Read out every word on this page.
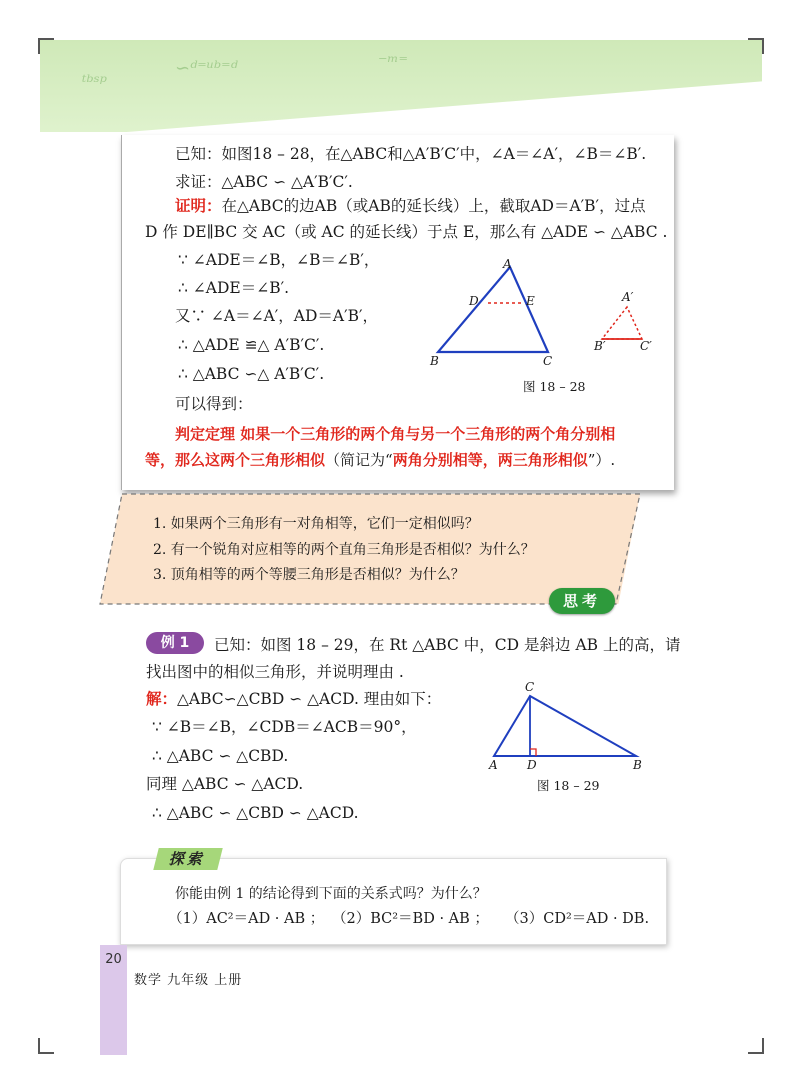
ᵗᵇˢᵖ
∽ᵈ⁼ᵘᵇ⁼ᵈ	⁻ᵐ⁼
已知：如图18 – 28，在△ABC和△A′B′C′中，∠A＝∠A′，∠B＝∠B′.
求证：△ABC ∽ △A′B′C′.
证明：在△ABC的边AB（或AB的延长线）上，截取AD＝A′B′，过点
D 作 DE∥BC 交 AC（或 AC 的延长线）于点 E，那么有 △ADE ∽ △ABC .
∵ ∠ADE＝∠B，∠B＝∠B′，
∴ ∠ADE＝∠B′.
又∵ ∠A＝∠A′，AD＝A′B′，
∴ △ADE ≌△ A′B′C′.
∴ △ABC ∽△ A′B′C′.
可以得到：
判定定理 如果一个三角形的两个角与另一个三角形的两个角分别相
等，那么这两个三角形相似（简记为“两角分别相等，两三角形相似”）.
A
B	C
D	E	A′
B′	C′
图 18 – 28
1. 如果两个三角形有一对角相等，它们一定相似吗？
2. 有一个锐角对应相等的两个直角三角形是否相似？为什么？
3. 顶角相等的两个等腰三角形是否相似？为什么？
思考
例 1	已知：如图 18 – 29，在 Rt △ABC 中，CD 是斜边 AB 上的高，请
找出图中的相似三角形，并说明理由 .
解：△ABC∽△CBD ∽ △ACD. 理由如下：
∵ ∠B＝∠B，∠CDB＝∠ACB＝90°，
∴ △ABC ∽ △CBD.
同理 △ABC ∽ △ACD.
∴ △ABC ∽ △CBD ∽ △ACD.
C
A D	B
图 18 – 29
探索
你能由例 1 的结论得到下面的关系式吗？为什么？
（1）AC²＝AD · AB ； （2）BC²＝BD · AB ； （3）CD²＝AD · DB.
20
数学 九年级 上册
